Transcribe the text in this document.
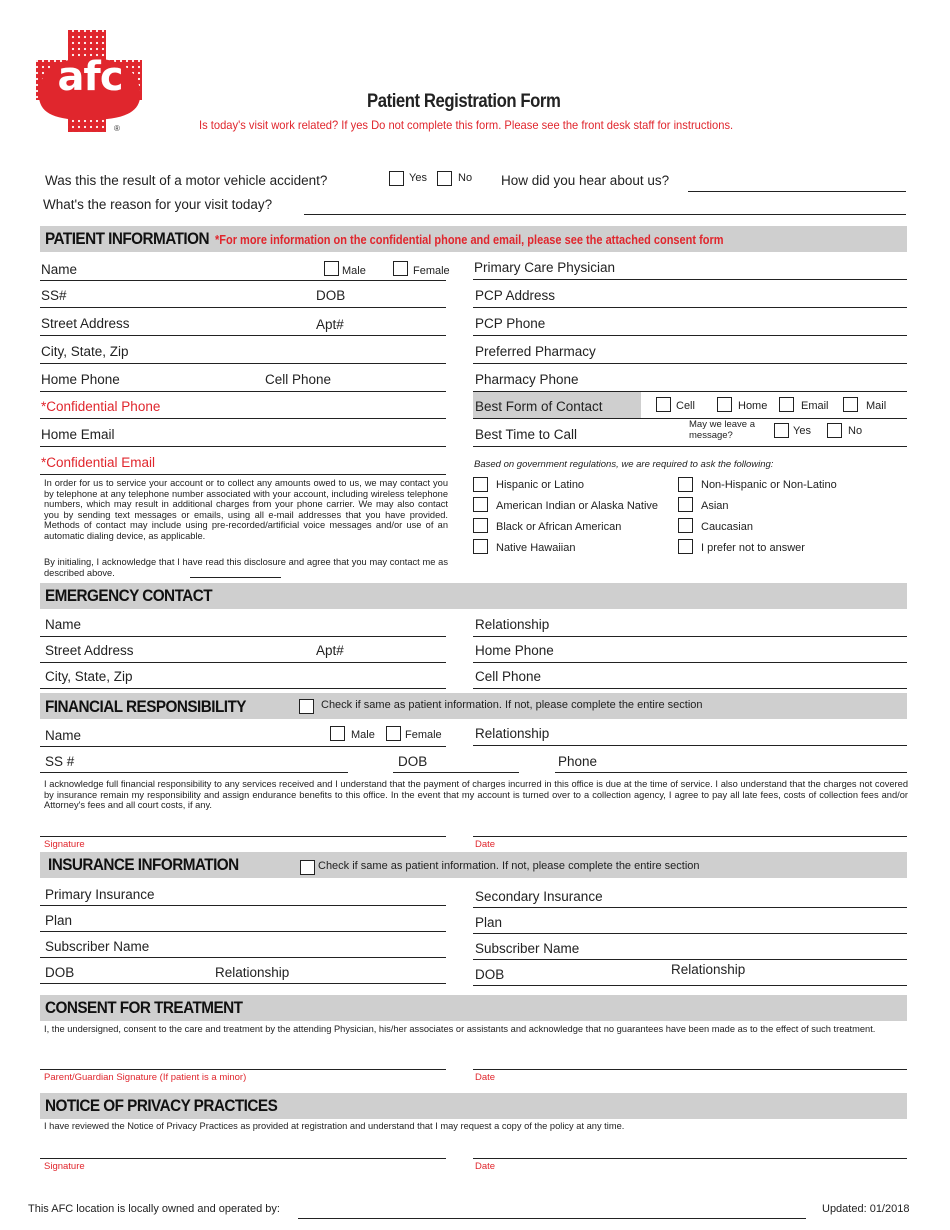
afc
®
Patient Registration Form
Is today's visit work related? If yes Do not complete this form. Please see the front desk staff for instructions.
Was this the result of a motor vehicle accident?	Yes	No How did you hear about us?
What's the reason for your visit today?
PATIENT INFORMATION *For more information on the confidential phone and email, please see the attached consent form
Name	Male	Female
SS#	DOB
Street Address	Apt#
City, State, Zip
Home Phone	Cell Phone
*Confidential Phone
Home Email
*Confidential Email
In order for us to service your account or to collect any amounts owed to us, we may contact you by telephone at any telephone number associated with your account, including wireless telephone numbers, which may result in additional charges from your phone carrier. We may also contact you by sending text messages or emails, using all e-mail addresses that you have provided. Methods of contact may include using pre-recorded/artificial voice messages and/or use of an automatic dialing device, as applicable.
By initialing, I acknowledge that I have read this disclosure and agree that you may contact me as described above.
Primary Care Physician
PCP Address
PCP Phone
Preferred Pharmacy
Pharmacy Phone
Best Form of Contact	Cell	Home	Email	Mail
Best Time to Call
May we leave a message?	Yes	No
Based on government regulations, we are required to ask the following:
Hispanic or Latino
American Indian or Alaska Native
Black or African American
Native Hawaiian
Non-Hispanic or Non-Latino
Asian
Caucasian
I prefer not to answer
EMERGENCY CONTACT
Name
Street Address	Apt#
City, State, Zip
Relationship
Home Phone
Cell Phone
FINANCIAL RESPONSIBILITY	Check if same as patient information. If not, please complete the entire section
Name	Male	Female Relationship
SS #	DOB	Phone
I acknowledge full financial responsibility to any services received and I understand that the payment of charges incurred in this office is due at the time of service. I also understand that the charges not covered by insurance remain my responsibility and assign endurance benefits to this office. In the event that my account is turned over to a collection agency, I agree to pay all late fees, costs of collection fees and/or Attorney's fees and all court costs, if any.
Signature	Date
INSURANCE INFORMATION	Check if same as patient information. If not, please complete the entire section
Primary Insurance
Plan
Subscriber Name
DOB	Relationship
Secondary Insurance
Plan
Subscriber Name
DOB	Relationship
CONSENT FOR TREATMENT
I, the undersigned, consent to the care and treatment by the attending Physician, his/her associates or assistants and acknowledge that no guarantees have been made as to the effect of such treatment.
Parent/Guardian Signature (If patient is a minor)	Date
NOTICE OF PRIVACY PRACTICES
I have reviewed the Notice of Privacy Practices as provided at registration and understand that I may request a copy of the policy at any time.
Signature	Date
This AFC location is locally owned and operated by:	Updated: 01/2018
